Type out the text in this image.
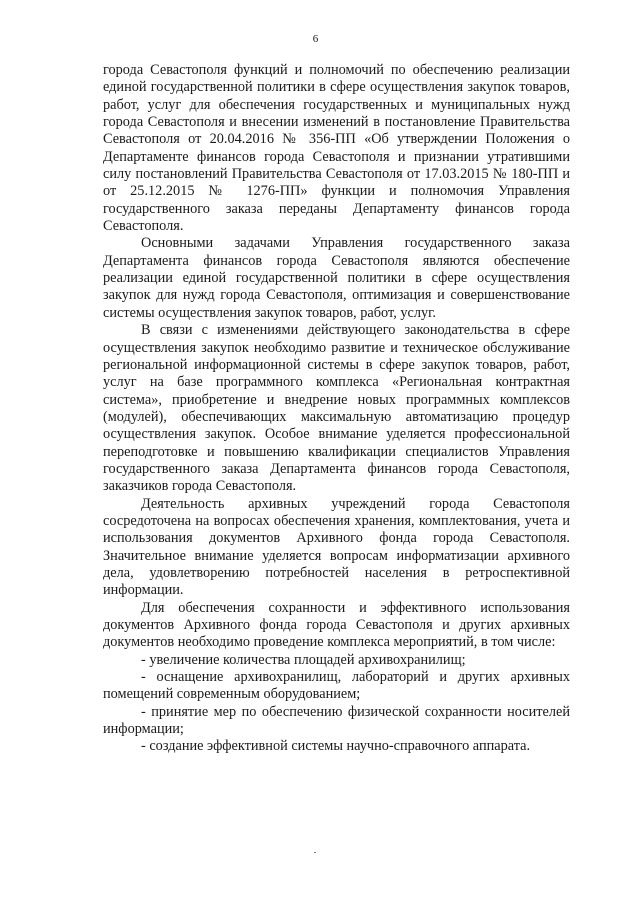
6

города Севастополя функций и полномочий по обеспечению реализации единой государственной политики в сфере осуществления закупок товаров, работ, услуг для обеспечения государственных и муниципальных нужд города Севастополя и внесении изменений в постановление Правительства Севастополя от 20.04.2016 № 356-ПП «Об утверждении Положения о Департаменте финансов города Севастополя и признании утратившими силу постановлений Правительства Севастополя от 17.03.2015 № 180-ПП и от 25.12.2015 № 1276-ПП» функции и полномочия Управления государственного заказа переданы Департаменту финансов города Севастополя.

Основными задачами Управления государственного заказа Департамента финансов города Севастополя являются обеспечение реализации единой государственной политики в сфере осуществления закупок для нужд города Севастополя, оптимизация и совершенствование системы осуществления закупок товаров, работ, услуг.

В связи с изменениями действующего законодательства в сфере осуществления закупок необходимо развитие и техническое обслуживание региональной информационной системы в сфере закупок товаров, работ, услуг на базе программного комплекса «Региональная контрактная система», приобретение и внедрение новых программных комплексов (модулей), обеспечивающих максимальную автоматизацию процедур осуществления закупок. Особое внимание уделяется профессиональной переподготовке и повышению квалификации специалистов Управления государственного заказа Департамента финансов города Севастополя, заказчиков города Севастополя.

Деятельность архивных учреждений города Севастополя сосредоточена на вопросах обеспечения хранения, комплектования, учета и использования документов Архивного фонда города Севастополя. Значительное внимание уделяется вопросам информатизации архивного дела, удовлетворению потребностей населения в ретроспективной информации.

Для обеспечения сохранности и эффективного использования документов Архивного фонда города Севастополя и других архивных документов необходимо проведение комплекса мероприятий, в том числе:

- увеличение количества площадей архивохранилищ;

- оснащение архивохранилищ, лабораторий и других архивных помещений современным оборудованием;

- принятие мер по обеспечению физической сохранности носителей информации;

- создание эффективной системы научно-справочного аппарата.
